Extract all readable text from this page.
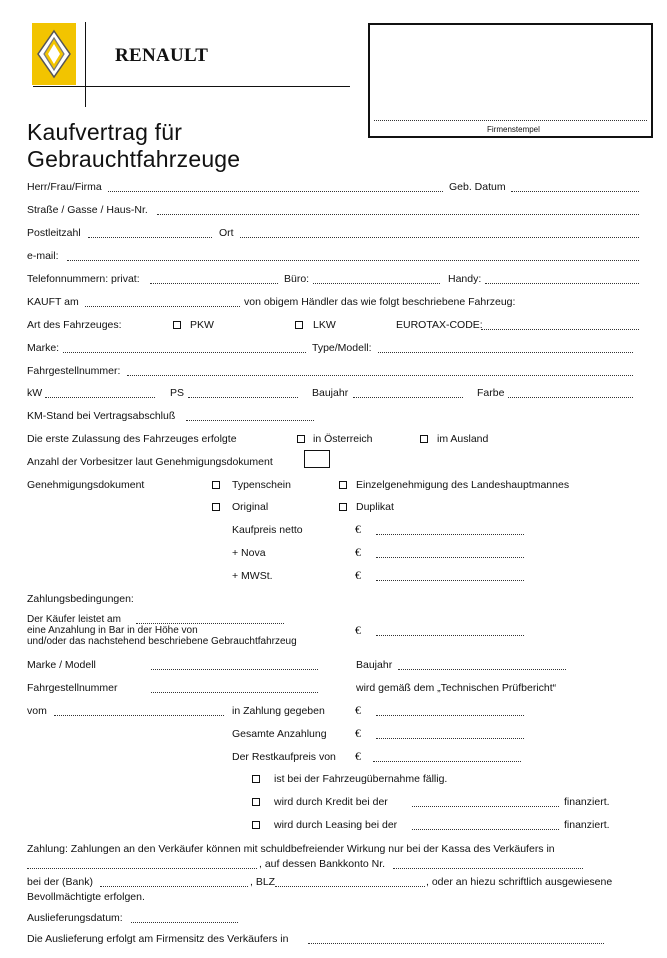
RENAULT
Firmenstempel
Kaufvertrag für
Gebrauchtfahrzeuge
Herr/Frau/Firma	Geb. Datum
Straße / Gasse / Haus-Nr.
Postleitzahl	Ort
e-mail:
Telefonnummern: privat:	Büro:	Handy:
KAUFT am	von obigem Händler das wie folgt beschriebene Fahrzeug:
Art des Fahrzeuges:	PKW	LKW	EUROTAX-CODE:
Marke:	Type/Modell:
Fahrgestellnummer:
kW	PS	Baujahr	Farbe
KM-Stand bei Vertragsabschluß
Die erste Zulassung des Fahrzeuges erfolgte	in Österreich	im Ausland
Anzahl der Vorbesitzer laut Genehmigungsdokument
Genehmigungsdokument	Typenschein	Einzelgenehmigung des Landeshauptmannes
Original	Duplikat
Kaufpreis netto	€
+ Nova	€
+ MWSt.	€
Zahlungsbedingungen:
Der Käufer leistet am
eine Anzahlung in Bar in der Höhe von
und/oder das nachstehend beschriebene Gebrauchtfahrzeug
€
Marke / Modell	Baujahr
Fahrgestellnummer	wird gemäß dem „Technischen Prüfbericht“
vom	in Zahlung gegeben	€
Gesamte Anzahlung €
Der Restkaufpreis von €
ist bei der Fahrzeugübernahme fällig.
wird durch Kredit bei der	finanziert.
wird durch Leasing bei der	finanziert.
Zahlung: Zahlungen an den Verkäufer können mit schuldbefreiender Wirkung nur bei der Kassa des Verkäufers in
, auf dessen Bankkonto Nr.
bei der (Bank)	, BLZ	, oder an hiezu schriftlich ausgewiesene
Bevollmächtigte erfolgen.
Auslieferungsdatum:
Die Auslieferung erfolgt am Firmensitz des Verkäufers in
